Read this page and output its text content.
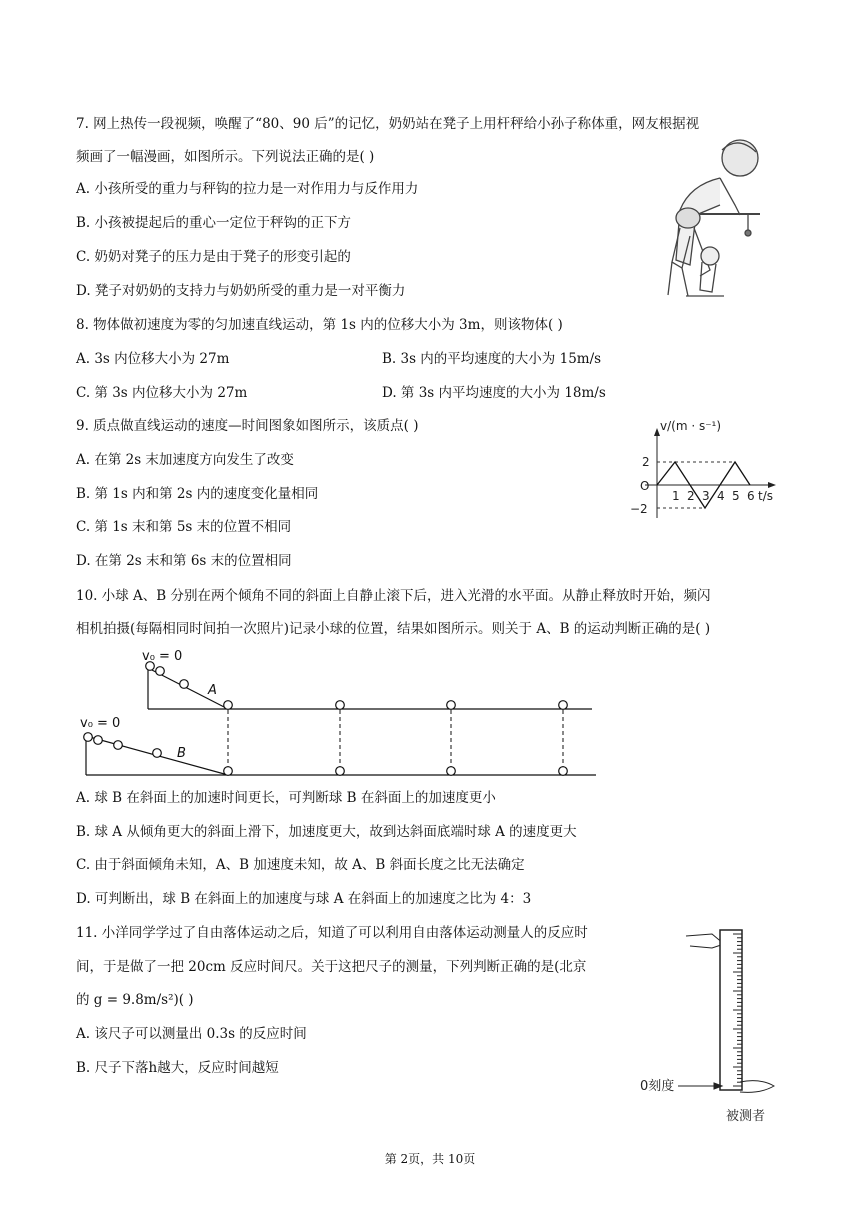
7. 网上热传一段视频，唤醒了“80、90 后”的记忆，奶奶站在凳子上用杆秤给小孙子称体重，网友根据视
频画了一幅漫画，如图所示。下列说法正确的是( )
A. 小孩所受的重力与秤钩的拉力是一对作用力与反作用力
B. 小孩被提起后的重心一定位于秤钩的正下方
C. 奶奶对凳子的压力是由于凳子的形变引起的
D. 凳子对奶奶的支持力与奶奶所受的重力是一对平衡力
8. 物体做初速度为零的匀加速直线运动，第 1s 内的位移大小为 3m，则该物体( )
A. 3s 内位移大小为 27m	B. 3s 内的平均速度的大小为 15m/s
C. 第 3s 内位移大小为 27m	D. 第 3s 内平均速度的大小为 18m/s
9. 质点做直线运动的速度—时间图象如图所示，该质点( )
A. 在第 2s 末加速度方向发生了改变
B. 第 1s 内和第 2s 内的速度变化量相同
C. 第 1s 末和第 5s 末的位置不相同
D. 在第 2s 末和第 6s 末的位置相同
10. 小球 A、B 分别在两个倾角不同的斜面上自静止滚下后，进入光滑的水平面。从静止释放时开始，频闪
相机拍摄(每隔相同时间拍一次照片)记录小球的位置，结果如图所示。则关于 A、B 的运动判断正确的是( )
A. 球 B 在斜面上的加速时间更长，可判断球 B 在斜面上的加速度更小
B. 球 A 从倾角更大的斜面上滑下，加速度更大，故到达斜面底端时球 A 的速度更大
C. 由于斜面倾角未知，A、B 加速度未知，故 A、B 斜面长度之比无法确定
D. 可判断出，球 B 在斜面上的加速度与球 A 在斜面上的加速度之比为 4：3
11. 小洋同学学过了自由落体运动之后，知道了可以利用自由落体运动测量人的反应时
间，于是做了一把 20cm 反应时间尺。关于这把尺子的测量，下列判断正确的是(北京
的 g = 9.8m/s²)( )
A. 该尺子可以测量出 0.3s 的反应时间
B. 尺子下落h越大，反应时间越短
第 2页，共 10页
v/(m · s⁻¹)
t/s
O
2
−2
1 2 3 4 5 6
v₀ = 0
v₀ = 0
A
B
0刻度
被测者
